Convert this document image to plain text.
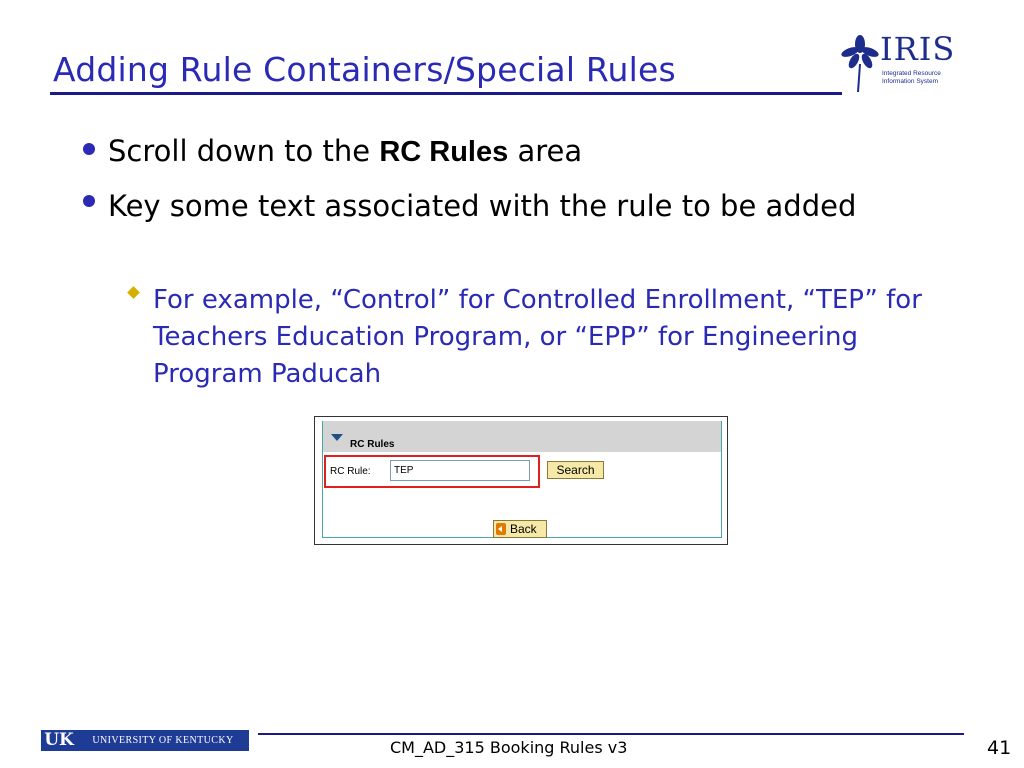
Adding Rule Containers/Special Rules
IRIS
Integrated Resource
Information System
Scroll down to the RC Rules area
Key some text associated with the rule to be added
For example, “Control” for Controlled Enrollment, “TEP” for Teachers Education Program, or “EPP” for Engineering Program Paducah
RC Rules
RC Rule:
TEP	Search
Back
UK	UNIVERSITY OF KENTUCKY	CM_AD_315 Booking Rules v3	41
